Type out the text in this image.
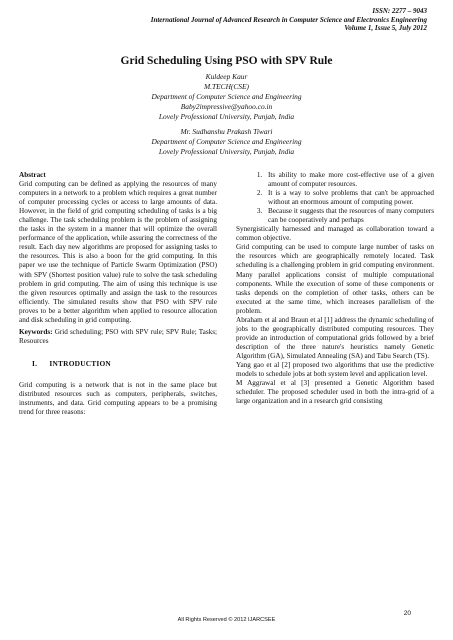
ISSN: 2277 – 9043
International Journal of Advanced Research in Computer Science and Electronics Engineering
Volume 1, Issue 5, July 2012
Grid Scheduling Using PSO with SPV Rule
Kuldeep Kaur
M.TECH(CSE)
Department of Computer Science and Engineering
Baby2impressive@yahoo.co.in
Lovely Professional University, Punjab, India
Mr. Sudhanshu Prakash Tiwari
Department of Computer Science and Engineering
Lovely Professional University, Punjab, India

Abstract

Grid computing can be defined as applying the resources of many computers in a network to a problem which requires a great number of computer processing cycles or access to large amounts of data. However, in the field of grid computing scheduling of tasks is a big challenge. The task scheduling problem is the problem of assigning the tasks in the system in a manner that will optimize the overall performance of the application, while assuring the correctness of the result. Each day new algorithms are proposed for assigning tasks to the resources. This is also a boon for the grid computing. In this paper we use the technique of Particle Swarm Optimization (PSO) with SPV (Shortest position value) rule to solve the task scheduling problem in grid computing. The aim of using this technique is use the given resources optimally and assign the task to the resources efficiently. The simulated results show that PSO with SPV rule proves to be a better algorithm when applied to resource allocation and disk scheduling in grid computing.

Keywords: Grid scheduling; PSO with SPV rule; SPV Rule; Tasks; Resources

I. INTRODUCTION

Grid computing is a network that is not in the same place but distributed resources such as computers, peripherals, switches, instruments, and data. Grid computing appears to be a promising trend for three reasons:

1. Its ability to make more cost-effective use of a given amount of computer resources.
2. It is a way to solve problems that can't be approached without an enormous amount of computing power.
3. Because it suggests that the resources of many computers can be cooperatively and perhaps

Synergistically harnessed and managed as collaboration toward a common objective.

Grid computing can be used to compute large number of tasks on the resources which are geographically remotely located. Task scheduling is a challenging problem in grid computing environment. Many parallel applications consist of multiple computational components. While the execution of some of these components or tasks depends on the completion of other tasks, others can be executed at the same time, which increases parallelism of the problem.

Abraham et al and Braun et al [1] address the dynamic scheduling of jobs to the geographically distributed computing resources. They provide an introduction of computational grids followed by a brief description of the three nature's heuristics namely Genetic Algorithm (GA), Simulated Annealing (SA) and Tabu Search (TS).

Yang gao et al [2] proposed two algorithms that use the predictive models to schedule jobs at both system level and application level.

M Aggrawal et al [3] presented a Genetic Algorithm based scheduler. The proposed scheduler used in both the intra-grid of a large organization and in a research grid consisting

20
All Rights Reserved © 2012 IJARCSEE
